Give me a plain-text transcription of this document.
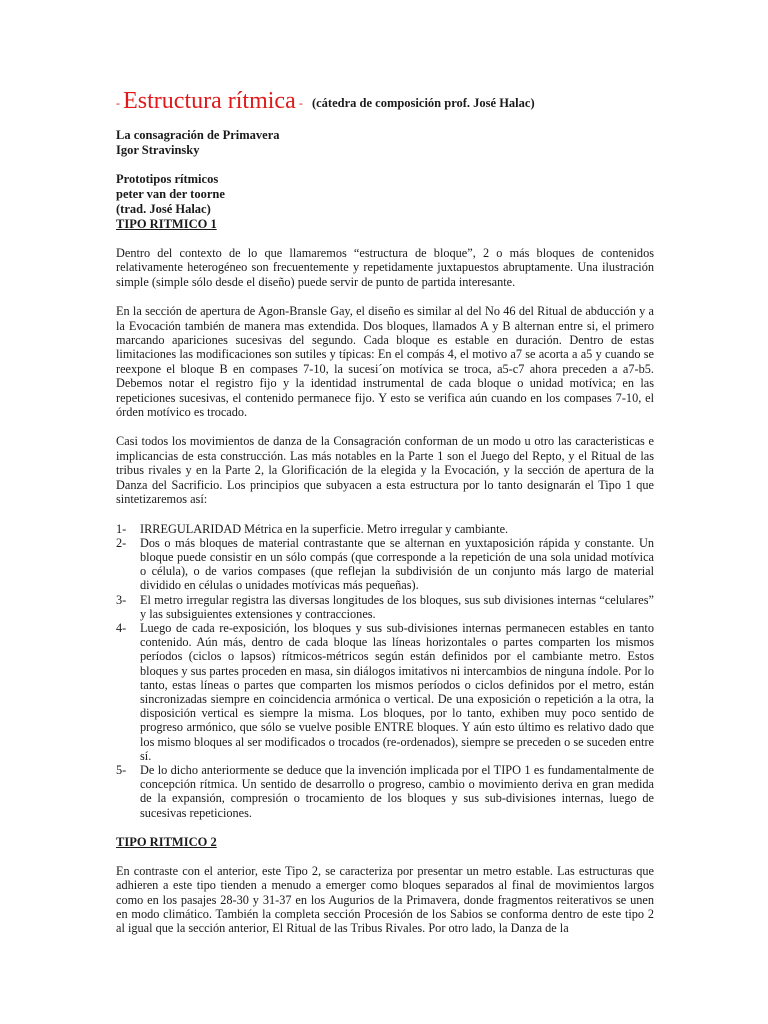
- Estructura rítmica - (cátedra de composición prof. José Halac)
La consagración de Primavera
Igor Stravinsky
Prototipos rítmicos
peter van der toorne
(trad. José Halac)
TIPO RITMICO 1

Dentro del contexto de lo que llamaremos “estructura de bloque”, 2 o más bloques de contenidos relativamente heterogéneo son frecuentemente y repetidamente juxtapuestos abruptamente. Una ilustración simple (simple sólo desde el diseño) puede servir de punto de partida interesante.

En la sección de apertura de Agon-Bransle Gay, el diseño es similar al del No 46 del Ritual de abducción y a la Evocación también de manera mas extendida. Dos bloques, llamados A y B alternan entre si, el primero marcando apariciones sucesivas del segundo. Cada bloque es estable en duración. Dentro de estas limitaciones las modificaciones son sutiles y típicas: En el compás 4, el motivo a7 se acorta a a5 y cuando se reexpone el bloque B en compases 7-10, la sucesi´on motívica se troca, a5-c7 ahora preceden a a7-b5. Debemos notar el registro fijo y la identidad instrumental de cada bloque o unidad motívica; en las repeticiones sucesivas, el contenido permanece fijo. Y esto se verifica aún cuando en los compases 7-10, el órden motívico es trocado.

Casi todos los movimientos de danza de la Consagración conforman de un modo u otro las caracteristicas e implicancias de esta construcción. Las más notables en la Parte 1 son el Juego del Repto, y el Ritual de las tribus rivales y en la Parte 2, la Glorificación de la elegida y la Evocación, y la sección de apertura de la Danza del Sacrificio. Los principios que subyacen a esta estructura por lo tanto designarán el Tipo 1 que sintetizaremos así:

1- IRREGULARIDAD Métrica en la superficie. Metro irregular y cambiante.
2- Dos o más bloques de material contrastante que se alternan en yuxtaposición rápida y constante. Un bloque puede consistir en un sólo compás (que corresponde a la repetición de una sola unidad motívica o célula), o de varios compases (que reflejan la subdivisión de un conjunto más largo de material dividido en células o unidades motívicas más pequeñas).
3- El metro irregular registra las diversas longitudes de los bloques, sus sub divisiones internas “celulares” y las subsiguientes extensiones y contracciones.
4- Luego de cada re-exposición, los bloques y sus sub-divisiones internas permanecen estables en tanto contenido. Aún más, dentro de cada bloque las líneas horizontales o partes comparten los mismos períodos (ciclos o lapsos) rítmicos-métricos según están definidos por el cambiante metro. Estos bloques y sus partes proceden en masa, sin diálogos imitativos ni intercambios de ninguna índole. Por lo tanto, estas líneas o partes que comparten los mismos períodos o ciclos definidos por el metro, están sincronizadas siempre en coincidencia armónica o vertical. De una exposición o repetición a la otra, la disposición vertical es siempre la misma. Los bloques, por lo tanto, exhiben muy poco sentido de progreso armónico, que sólo se vuelve posible ENTRE bloques. Y aún esto último es relativo dado que los mismo bloques al ser modificados o trocados (re-ordenados), siempre se preceden o se suceden entre sí.
5- De lo dicho anteriormente se deduce que la invención implicada por el TIPO 1 es fundamentalmente de concepción rítmica. Un sentido de desarrollo o progreso, cambio o movimiento deriva en gran medida de la expansión, compresión o trocamiento de los bloques y sus sub-divisiones internas, luego de sucesivas repeticiones.
TIPO RITMICO 2

En contraste con el anterior, este Tipo 2, se caracteriza por presentar un metro estable. Las estructuras que adhieren a este tipo tienden a menudo a emerger como bloques separados al final de movimientos largos como en los pasajes 28-30 y 31-37 en los Augurios de la Primavera, donde fragmentos reiterativos se unen en modo climático. También la completa sección Procesión de los Sabios se conforma dentro de este tipo 2 al igual que la sección anterior, El Ritual de las Tribus Rivales. Por otro lado, la Danza de la
